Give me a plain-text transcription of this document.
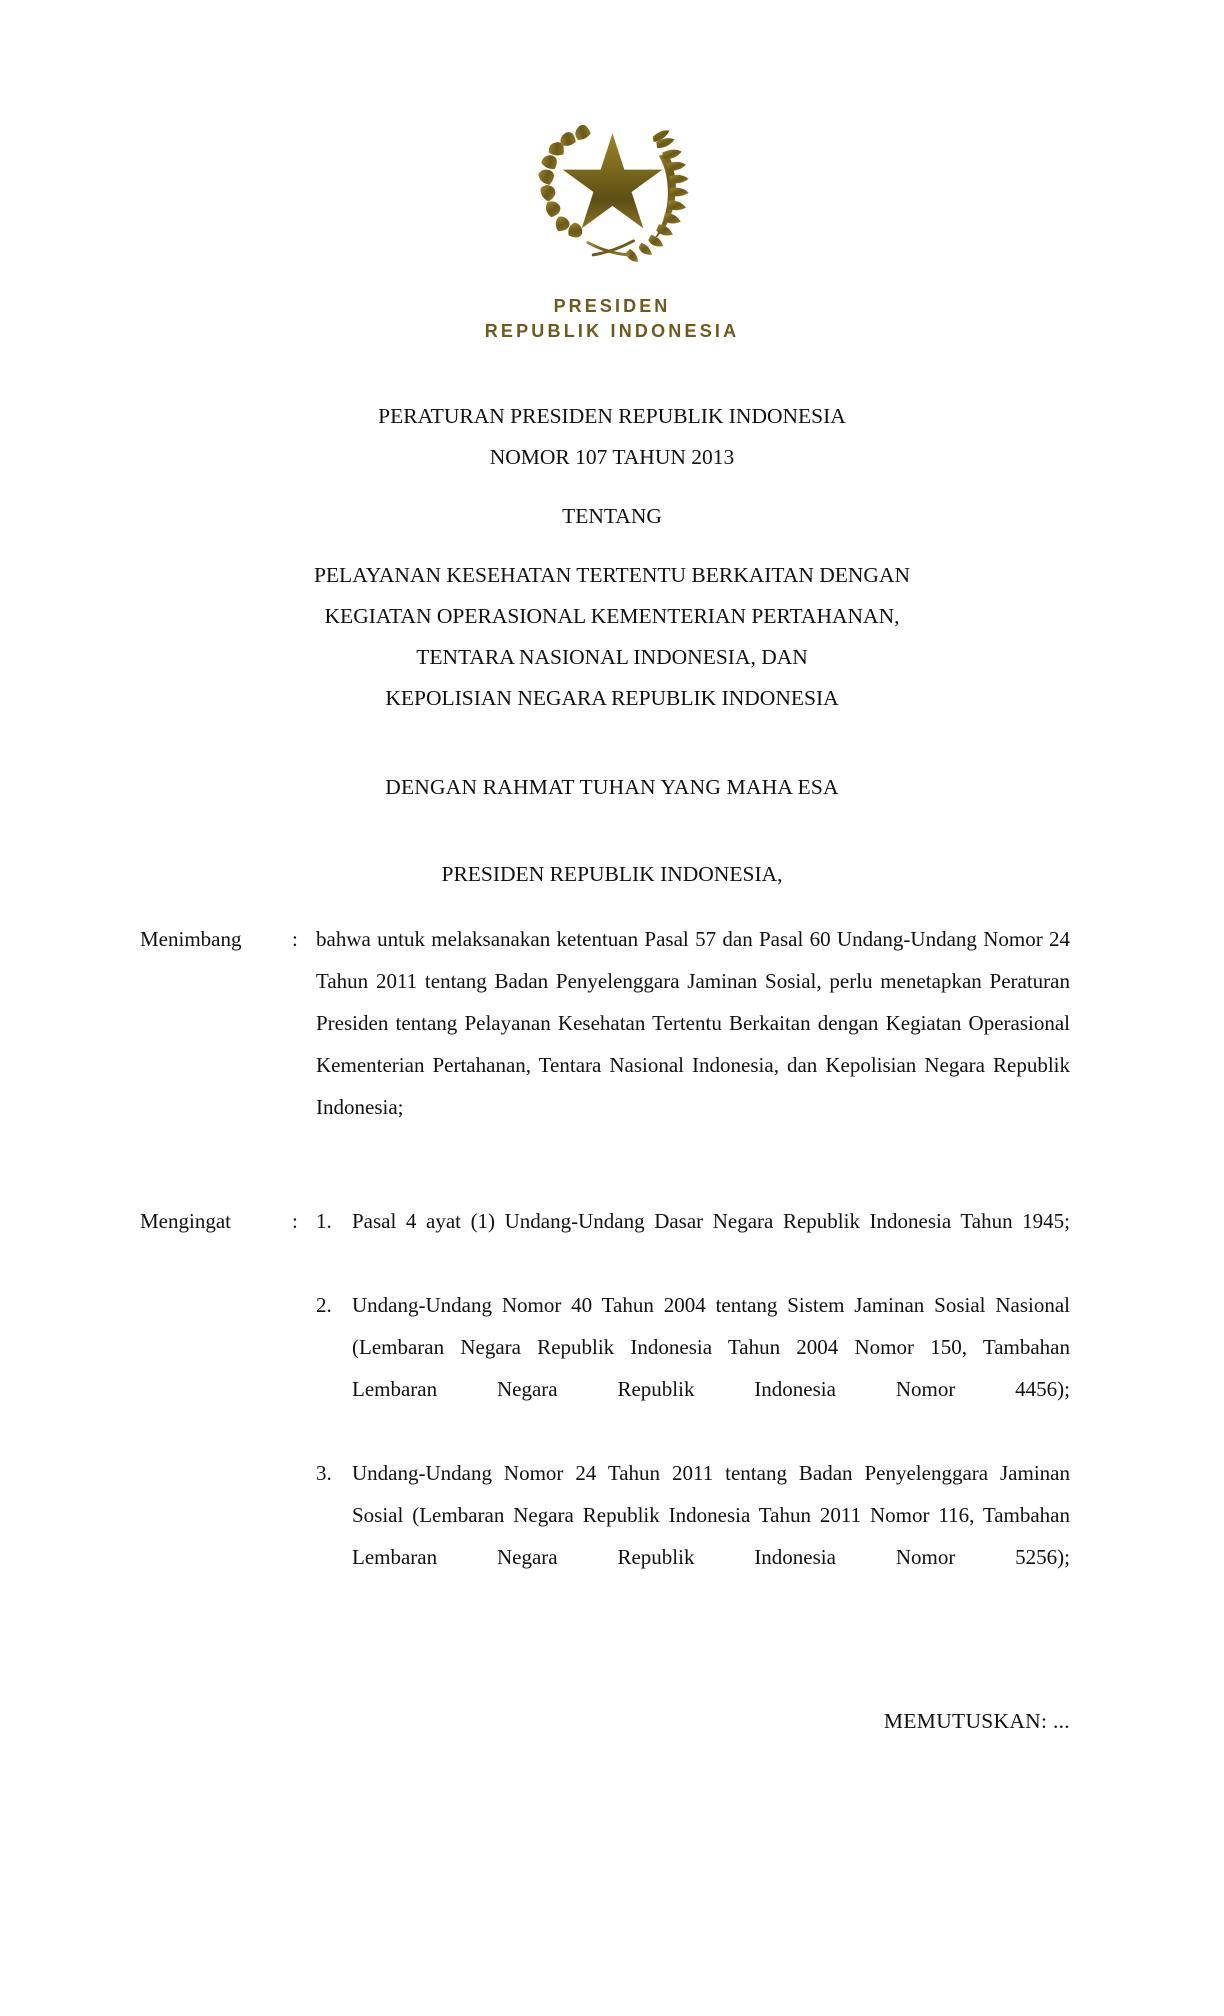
PRESIDEN
REPUBLIK INDONESIA
PERATURAN PRESIDEN REPUBLIK INDONESIA
NOMOR 107 TAHUN 2013
TENTANG
PELAYANAN KESEHATAN TERTENTU BERKAITAN DENGAN
KEGIATAN OPERASIONAL KEMENTERIAN PERTAHANAN,
TENTARA NASIONAL INDONESIA, DAN
KEPOLISIAN NEGARA REPUBLIK INDONESIA
DENGAN RAHMAT TUHAN YANG MAHA ESA
PRESIDEN REPUBLIK INDONESIA,
Menimbang	: bahwa untuk melaksanakan ketentuan Pasal 57 dan Pasal 60 Undang-Undang Nomor 24 Tahun 2011 tentang Badan Penyelenggara Jaminan Sosial, perlu menetapkan Peraturan Presiden tentang Pelayanan Kesehatan Tertentu Berkaitan dengan Kegiatan Operasional Kementerian Pertahanan, Tentara Nasional Indonesia, dan Kepolisian Negara Republik Indonesia;

Mengingat	: 1. Pasal 4 ayat (1) Undang-Undang Dasar Negara Republik Indonesia Tahun 1945;
2. Undang-Undang Nomor 40 Tahun 2004 tentang Sistem Jaminan Sosial Nasional (Lembaran Negara Republik Indonesia Tahun 2004 Nomor 150, Tambahan Lembaran Negara Republik Indonesia Nomor 4456);
3. Undang-Undang Nomor 24 Tahun 2011 tentang Badan Penyelenggara Jaminan Sosial (Lembaran Negara Republik Indonesia Tahun 2011 Nomor 116, Tambahan Lembaran Negara Republik Indonesia Nomor 5256);
MEMUTUSKAN: ...
